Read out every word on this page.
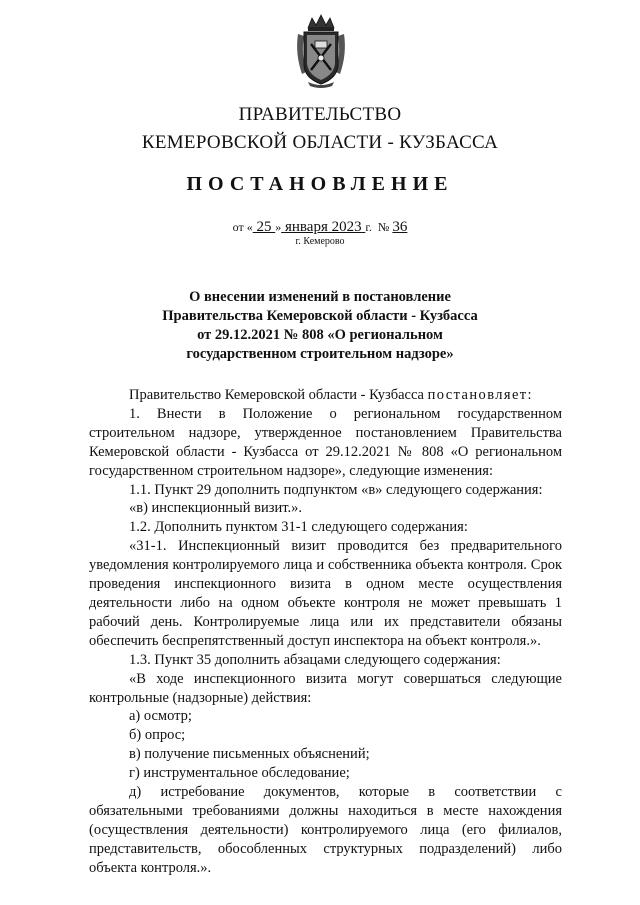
ПРАВИТЕЛЬСТВО
КЕМЕРОВСКОЙ ОБЛАСТИ - КУЗБАССА
ПОСТАНОВЛЕНИЕ
от « 25 » января 2023 г. № 36
г. Кемерово
О внесении изменений в постановление
Правительства Кемеровской области - Кузбасса
от 29.12.2021 № 808 «О региональном
государственном строительном надзоре»

Правительство Кемеровской области - Кузбасса постановляет:

1. Внести в Положение о региональном государственном строительном надзоре, утвержденное постановлением Правительства Кемеровской области - Кузбасса от 29.12.2021 № 808 «О региональном государственном строительном надзоре», следующие изменения:

1.1. Пункт 29 дополнить подпунктом «в» следующего содержания:

«в) инспекционный визит.».

1.2. Дополнить пунктом 31-1 следующего содержания:

«31-1. Инспекционный визит проводится без предварительного уведомления контролируемого лица и собственника объекта контроля. Срок проведения инспекционного визита в одном месте осуществления деятельности либо на одном объекте контроля не может превышать 1 рабочий день. Контролируемые лица или их представители обязаны обеспечить беспрепятственный доступ инспектора на объект контроля.».

1.3. Пункт 35 дополнить абзацами следующего содержания:

«В ходе инспекционного визита могут совершаться следующие контрольные (надзорные) действия:

а) осмотр;

б) опрос;

в) получение письменных объяснений;

г) инструментальное обследование;

д) истребование документов, которые в соответствии с обязательными требованиями должны находиться в месте нахождения (осуществления деятельности) контролируемого лица (его филиалов, представительств, обособленных структурных подразделений) либо объекта контроля.».
